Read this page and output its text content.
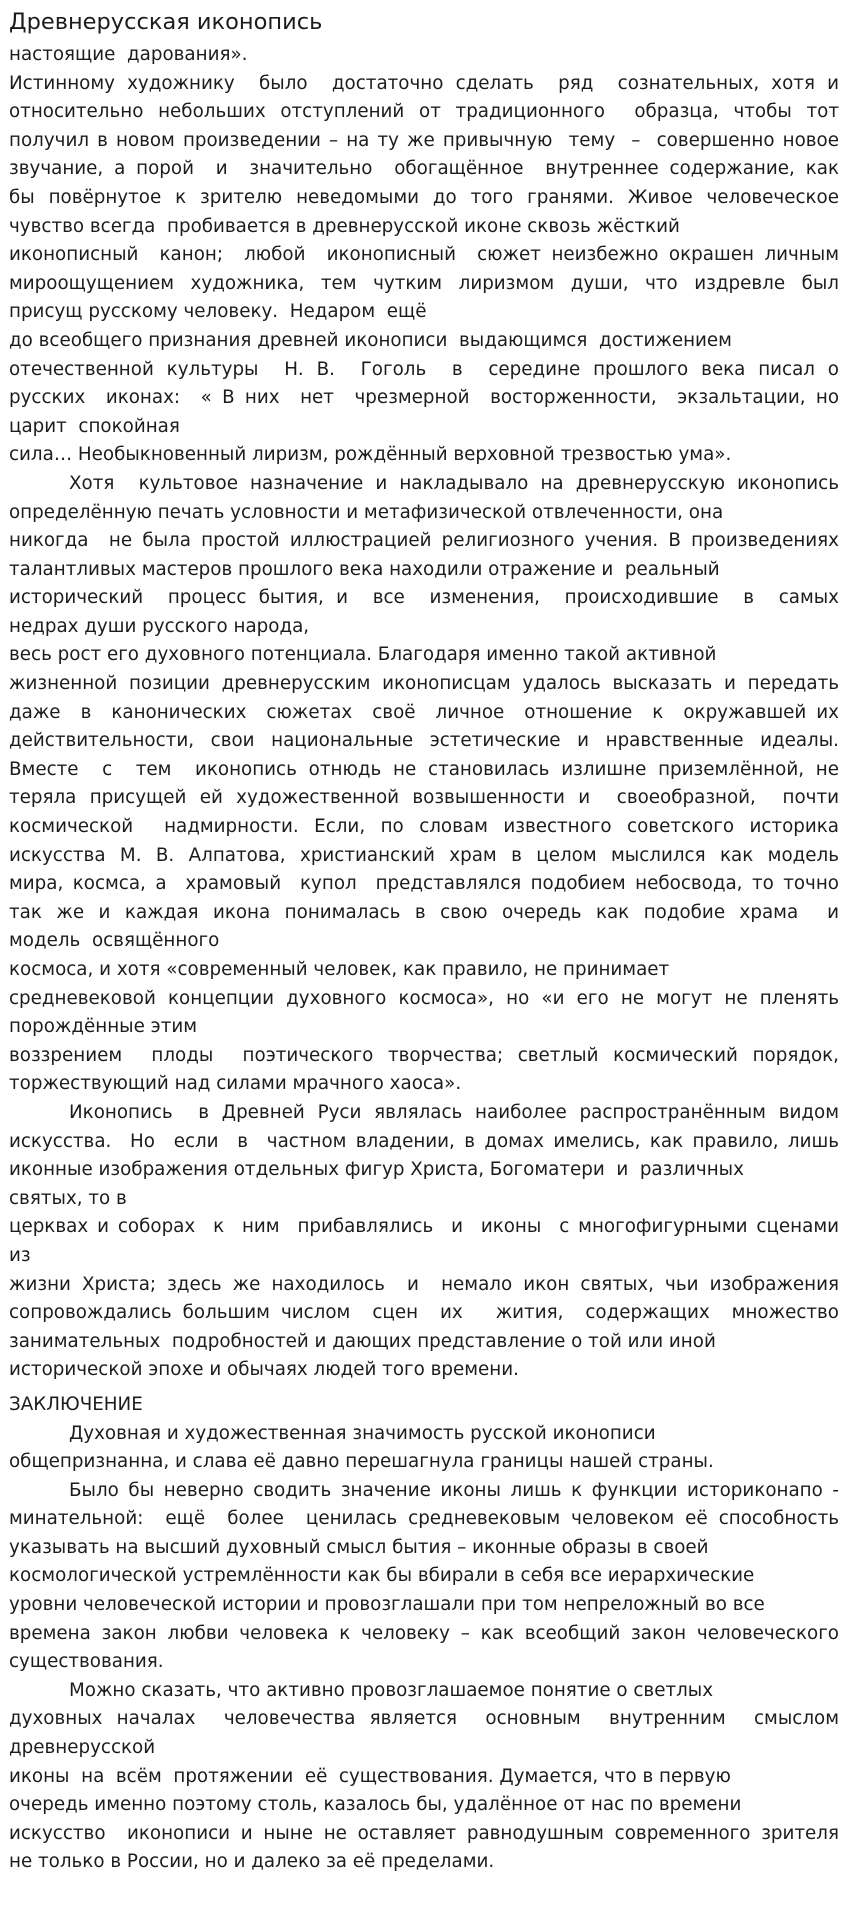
Древнерусская иконопись
настоящие  дарования».
Истинному художнику  было  достаточно сделать  ряд  сознательных, хотя и
относительно небольших отступлений от традиционного  образца, чтобы тот
получил в новом произведении – на ту же привычную  тему  –  совершенно новое
звучание, а порой  и  значительно  обогащённое  внутреннее содержание, как
бы повёрнутое к зрителю неведомыми до того гранями. Живое человеческое
чувство всегда  пробивается в древнерусской иконе сквозь жёсткий
иконописный  канон;  любой  иконописный  сюжет неизбежно окрашен личным
мироощущением художника, тем чутким лиризмом души, что издревле был
присущ русскому человеку.  Недаром  ещё
до всеобщего признания древней иконописи  выдающимся  достижением
отечественной культуры  Н. В.  Гоголь  в  середине прошлого века писал о
русских  иконах:  « В них  нет  чрезмерной  восторженности,  экзальтации, но
царит  спокойная
сила… Необыкновенный лиризм, рождённый верховной трезвостью ума».
Хотя  культовое назначение и накладывало на древнерусскую иконопись
определённую печать условности и метафизической отвлеченности, она
никогда  не была простой иллюстрацией религиозного учения. В произведениях
талантливых мастеров прошлого века находили отражение и  реальный
исторический  процесс бытия, и  все  изменения,  происходившие  в  самых
недрах души русского народа,
весь рост его духовного потенциала. Благодаря именно такой активной
жизненной позиции древнерусским иконописцам удалось высказать и передать
даже  в  канонических  сюжетах  своё  личное  отношение  к  окружавшей их
действительности, свои национальные эстетические и нравственные идеалы.
Вместе  с  тем  иконопись отнюдь не становилась излишне приземлённой, не
теряла присущей ей художественной возвышенности и  своеобразной,  почти
космической  надмирности. Если, по словам известного советского историка
искусства М. В. Алпатова, христианский храм в целом мыслился как модель
мира, космса, а  храмовый  купол  представлялся подобием небосвода, то точно
так же и каждая икона понималась в свою очередь как подобие храма  и
модель  освящённого
космоса, и хотя «современный человек, как правило, не принимает
средневековой концепции духовного космоса», но «и его не могут не пленять
порождённые этим
воззрением  плоды  поэтического творчества; светлый космический порядок,
торжествующий над силами мрачного хаоса».
Иконопись  в Древней Руси являлась наиболее распространённым видом
искусства.  Но  если  в  частном владении, в домах имелись, как правило, лишь
иконные изображения отдельных фигур Христа, Богоматери  и  различных
святых, то в
церквах и соборах  к  ним  прибавлялись  и  иконы  с многофигурными сценами
из
жизни Христа; здесь же находилось  и  немало икон святых, чьи изображения
сопровождались большим числом  сцен  их   жития,  содержащих  множество
занимательных  подробностей и дающих представление о той или иной
исторической эпохе и обычаях людей того времени.
ЗАКЛЮЧЕНИЕ
Духовная и художественная значимость русской иконописи
общепризнанна, и слава её давно перешагнула границы нашей страны.
Было бы неверно сводить значение иконы лишь к функции историконапо -
минательной:  ещё  более  ценилась средневековым человеком её способность
указывать на высший духовный смысл бытия – иконные образы в своей
космологической устремлённости как бы вбирали в себя все иерархические
уровни человеческой истории и провозглашали при том непреложный во все
времена закон любви человека к человеку – как всеобщий закон человеческого
существования.
Можно сказать, что активно провозглашаемое понятие о светлых
духовных началах  человечества является  основным  внутренним  смыслом
древнерусской
иконы  на  всём  протяжении  её  существования. Думается, что в первую
очередь именно поэтому столь, казалось бы, удалённое от нас по времени
искусство  иконописи и ныне не оставляет равнодушным современного зрителя
не только в России, но и далеко за её пределами.
